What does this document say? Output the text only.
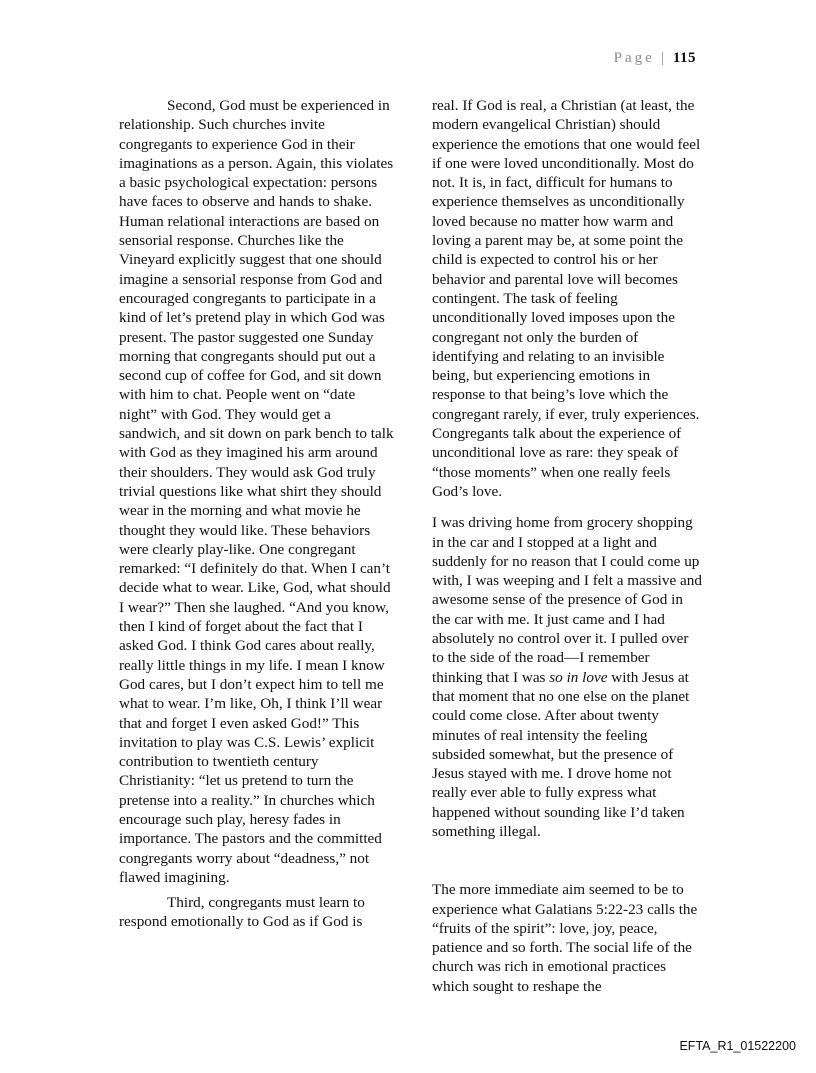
Page | 115

Second, God must be experienced in relationship. Such churches invite congregants to experience God in their imaginations as a person. Again, this violates a basic psychological expectation: persons have faces to observe and hands to shake. Human relational interactions are based on sensorial response. Churches like the Vineyard explicitly suggest that one should imagine a sensorial response from God and encouraged congregants to participate in a kind of let’s pretend play in which God was present. The pastor suggested one Sunday morning that congregants should put out a second cup of coffee for God, and sit down with him to chat. People went on “date night” with God. They would get a sandwich, and sit down on park bench to talk with God as they imagined his arm around their shoulders. They would ask God truly trivial questions like what shirt they should wear in the morning and what movie he thought they would like. These behaviors were clearly play-like. One congregant remarked: “I definitely do that. When I can’t decide what to wear. Like, God, what should I wear?” Then she laughed. “And you know, then I kind of forget about the fact that I asked God. I think God cares about really, really little things in my life. I mean I know God cares, but I don’t expect him to tell me what to wear. I’m like, Oh, I think I’ll wear that and forget I even asked God!” This invitation to play was C.S. Lewis’ explicit contribution to twentieth century Christianity: “let us pretend to turn the pretense into a reality.” In churches which encourage such play, heresy fades in importance. The pastors and the committed congregants worry about “deadness,” not flawed imagining.

Third, congregants must learn to respond emotionally to God as if God is

real. If God is real, a Christian (at least, the modern evangelical Christian) should experience the emotions that one would feel if one were loved unconditionally. Most do not. It is, in fact, difficult for humans to experience themselves as unconditionally loved because no matter how warm and loving a parent may be, at some point the child is expected to control his or her behavior and parental love will becomes contingent. The task of feeling unconditionally loved imposes upon the congregant not only the burden of identifying and relating to an invisible being, but experiencing emotions in response to that being’s love which the congregant rarely, if ever, truly experiences. Congregants talk about the experience of unconditional love as rare: they speak of “those moments” when one really feels God’s love.

I was driving home from grocery shopping in the car and I stopped at a light and suddenly for no reason that I could come up with, I was weeping and I felt a massive and awesome sense of the presence of God in the car with me. It just came and I had absolutely no control over it. I pulled over to the side of the road—I remember thinking that I was so in love with Jesus at that moment that no one else on the planet could come close. After about twenty minutes of real intensity the feeling subsided somewhat, but the presence of Jesus stayed with me. I drove home not really ever able to fully express what happened without sounding like I’d taken something illegal.

The more immediate aim seemed to be to experience what Galatians 5:22-23 calls the “fruits of the spirit”: love, joy, peace, patience and so forth. The social life of the church was rich in emotional practices which sought to reshape the

EFTA_R1_01522200
